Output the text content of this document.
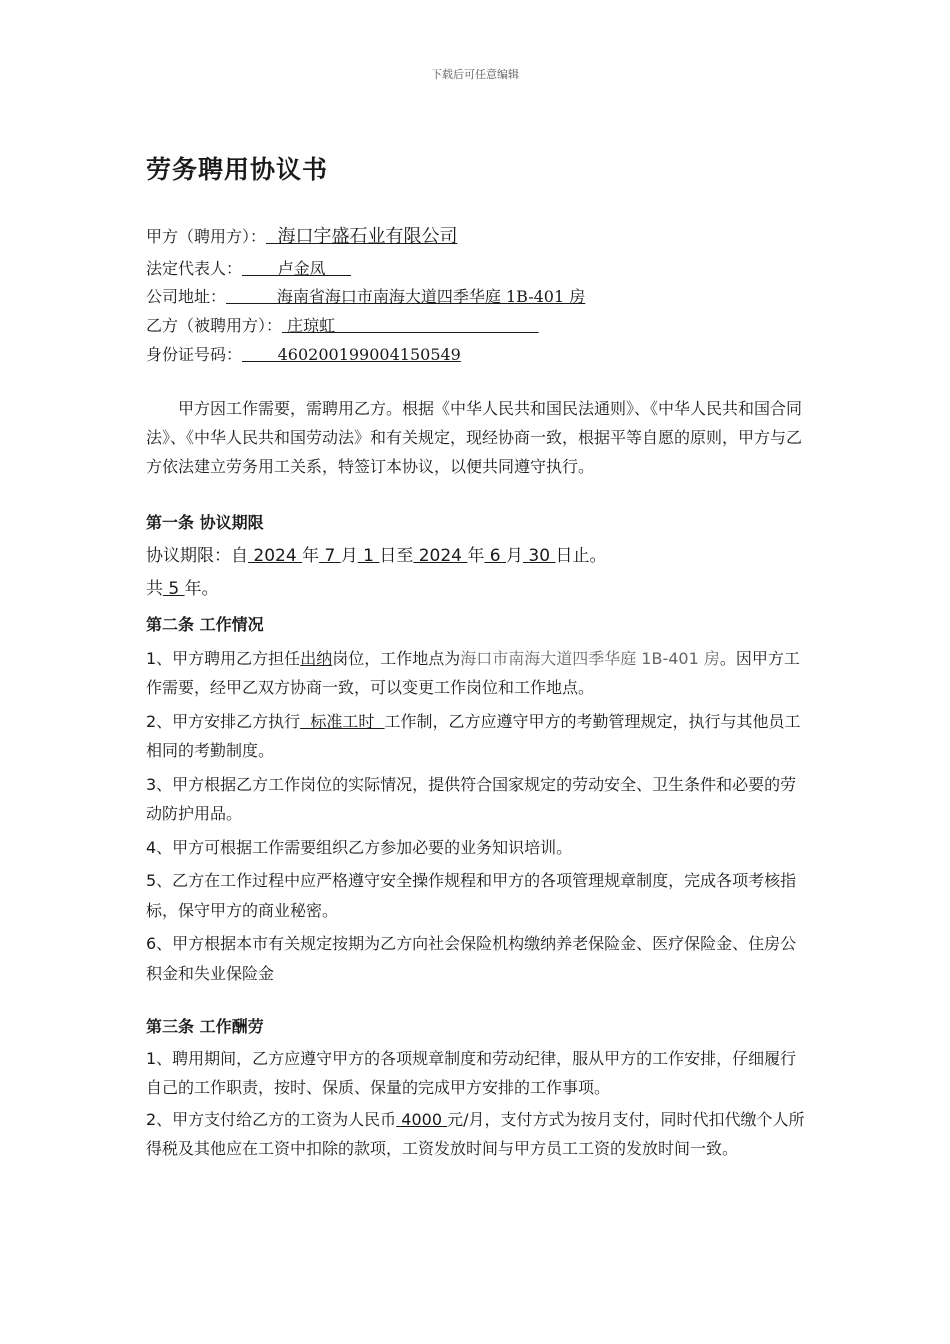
下载后可任意编辑
劳务聘用协议书
甲方（聘用方）：  海口宇盛石业有限公司
法定代表人：       卢金凤
公司地址：          海南省海口市南海大道四季华庭 1B-401 房
乙方（被聘用方）： 庄琼虹
身份证号码：       460200199004150549
甲方因工作需要，需聘用乙方。根据《中华人民共和国民法通则》、《中华人民共和国合同法》、《中华人民共和国劳动法》和有关规定，现经协商一致，根据平等自愿的原则，甲方与乙方依法建立劳务用工关系，特签订本协议，以便共同遵守执行。
第一条 协议期限
协议期限：自 2024 年 7 月 1 日至 2024 年 6 月 30 日止。
共 5 年。
第二条 工作情况
1、甲方聘用乙方担任出纳岗位，工作地点为海口市南海大道四季华庭 1B-401 房。因甲方工作需要，经甲乙双方协商一致，可以变更工作岗位和工作地点。
2、甲方安排乙方执行  标准工时  工作制，乙方应遵守甲方的考勤管理规定，执行与其他员工相同的考勤制度。
3、甲方根据乙方工作岗位的实际情况，提供符合国家规定的劳动安全、卫生条件和必要的劳动防护用品。
4、甲方可根据工作需要组织乙方参加必要的业务知识培训。
5、乙方在工作过程中应严格遵守安全操作规程和甲方的各项管理规章制度，完成各项考核指标，保守甲方的商业秘密。
6、甲方根据本市有关规定按期为乙方向社会保险机构缴纳养老保险金、医疗保险金、住房公积金和失业保险金
第三条 工作酬劳
1、聘用期间，乙方应遵守甲方的各项规章制度和劳动纪律，服从甲方的工作安排，仔细履行自己的工作职责，按时、保质、保量的完成甲方安排的工作事项。
2、甲方支付给乙方的工资为人民币 4000 元/月，支付方式为按月支付，同时代扣代缴个人所得税及其他应在工资中扣除的款项，工资发放时间与甲方员工工资的发放时间一致。
